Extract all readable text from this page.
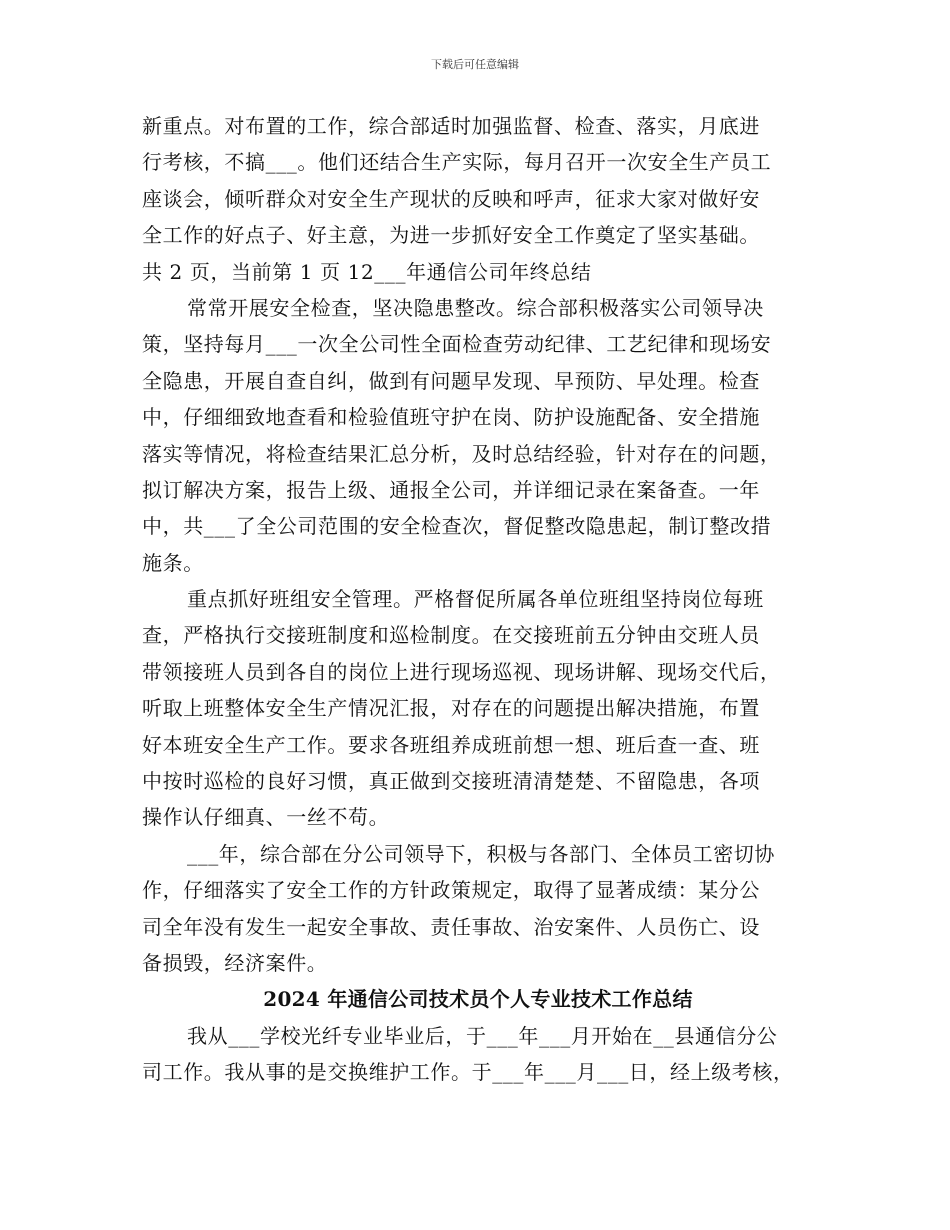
下载后可任意编辑
新重点。对布置的工作，综合部适时加强监督、检查、落实，月底进
行考核，不搞___。他们还结合生产实际，每月召开一次安全生产员工
座谈会，倾听群众对安全生产现状的反映和呼声，征求大家对做好安
全工作的好点子、好主意，为进一步抓好安全工作奠定了坚实基础。
共 2 页，当前第 1 页 12___年通信公司年终总结
常常开展安全检查，坚决隐患整改。综合部积极落实公司领导决
策，坚持每月___一次全公司性全面检查劳动纪律、工艺纪律和现场安
全隐患，开展自查自纠，做到有问题早发现、早预防、早处理。检查
中，仔细细致地查看和检验值班守护在岗、防护设施配备、安全措施
落实等情况，将检查结果汇总分析，及时总结经验，针对存在的问题，
拟订解决方案，报告上级、通报全公司，并详细记录在案备查。一年
中，共___了全公司范围的安全检查次，督促整改隐患起，制订整改措
施条。
重点抓好班组安全管理。严格督促所属各单位班组坚持岗位每班
查，严格执行交接班制度和巡检制度。在交接班前五分钟由交班人员
带领接班人员到各自的岗位上进行现场巡视、现场讲解、现场交代后，
听取上班整体安全生产情况汇报，对存在的问题提出解决措施，布置
好本班安全生产工作。要求各班组养成班前想一想、班后查一查、班
中按时巡检的良好习惯，真正做到交接班清清楚楚、不留隐患，各项
操作认仔细真、一丝不苟。
___年，综合部在分公司领导下，积极与各部门、全体员工密切协
作，仔细落实了安全工作的方针政策规定，取得了显著成绩：某分公
司全年没有发生一起安全事故、责任事故、治安案件、人员伤亡、设
备损毁，经济案件。
2024 年通信公司技术员个人专业技术工作总结
我从___学校光纤专业毕业后，于___年___月开始在__县通信分公
司工作。我从事的是交换维护工作。于___年___月___日，经上级考核，
